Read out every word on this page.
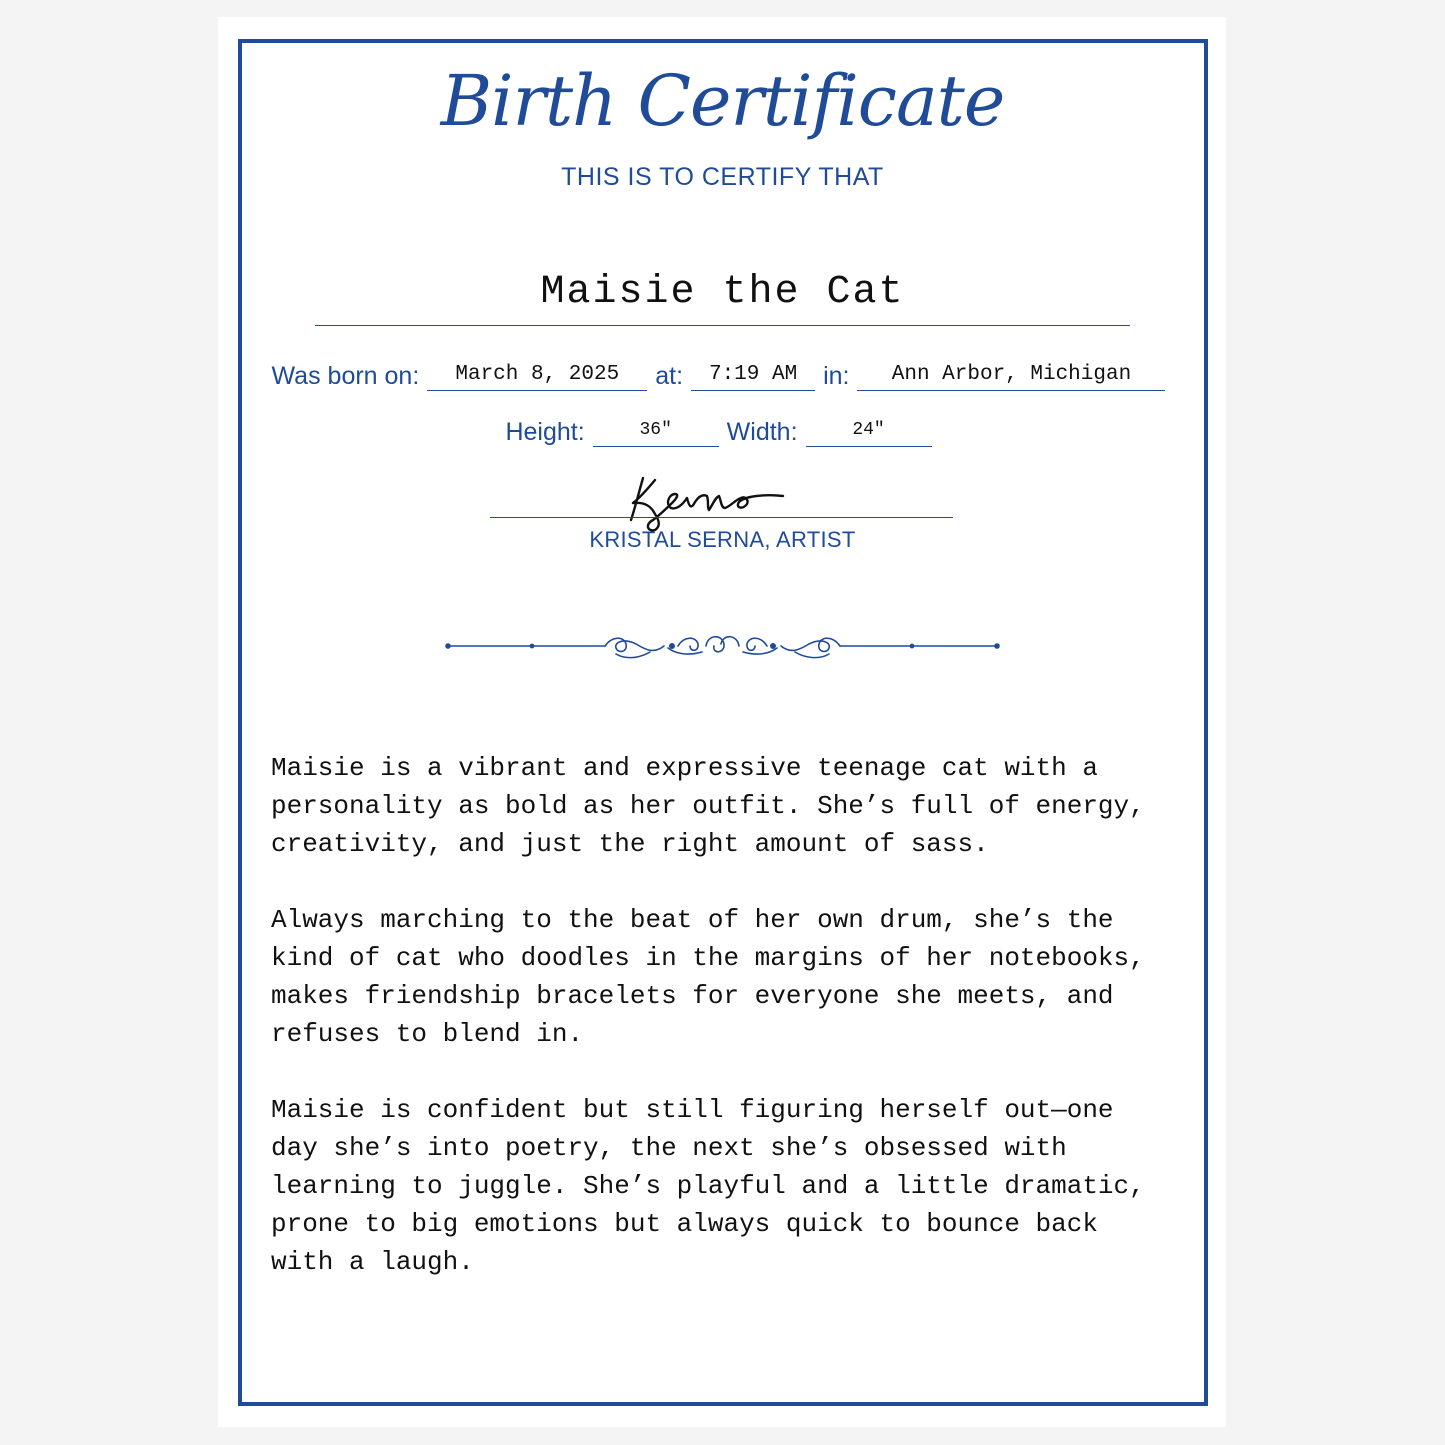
Birth Certificate
THIS IS TO CERTIFY THAT
Maisie the Cat
Was born on:	March 8, 2025	at:	7:19 AM	in:	Ann Arbor, Michigan
Height:	36"	Width:	24"
KRISTAL SERNA, ARTIST

Maisie is a vibrant and expressive teenage cat with a personality as bold as her outfit. She’s full of energy, creativity, and just the right amount of sass.

Always marching to the beat of her own drum, she’s the kind of cat who doodles in the margins of her notebooks, makes friendship bracelets for everyone she meets, and refuses to blend in.

Maisie is confident but still figuring herself out—one day she’s into poetry, the next she’s obsessed with learning to juggle. She’s playful and a little dramatic, prone to big emotions but always quick to bounce back with a laugh.
